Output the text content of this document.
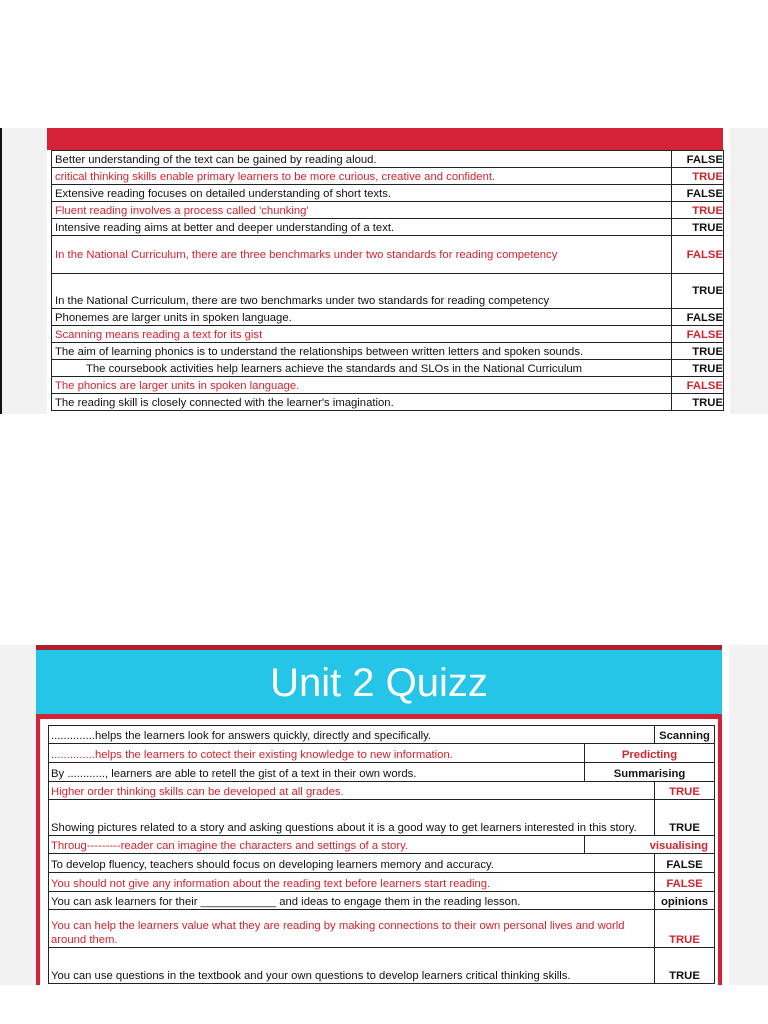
Better understanding of the text can be gained by reading aloud.	FALSE
critical thinking skills enable primary learners to be more curious, creative and confident.	TRUE
Extensive reading focuses on detailed understanding of short texts.	FALSE
Fluent reading involves a process called 'chunking'	TRUE
Intensive reading aims at better and deeper understanding of a text.	TRUE
In the National Curriculum, there are three benchmarks under two standards for reading competency	FALSE
In the National Curriculum, there are two benchmarks under two standards for reading competency	TRUE
Phonemes are larger units in spoken language.	FALSE
Scanning means reading a text for its gist	FALSE
The aim of learning phonics is to understand the relationships between written letters and spoken sounds.	TRUE
The coursebook activities help learners achieve the standards and SLOs in the National Curriculum	TRUE
The phonics are larger units in spoken language.	FALSE
The reading skill is closely connected with the learner's imagination.	TRUE
Unit 2 Quizz
..............helps the learners look for answers quickly, directly and specifically.		Scanning
..............helps the learners to cotect their existing knowledge to new information.	Predicting	
By ............, learners are able to retell the gist of a text in their own words.	Summarising	
Higher order thinking skills can be developed at all grades.		TRUE
Showing pictures related to a story and asking questions about it is a good way to get learners interested in this story.		TRUE
Throug---------reader can imagine the characters and settings of a story.	visualising	
To develop fluency, teachers should focus on developing learners memory and accuracy.		FALSE
You should not give any information about the reading text before learners start reading.		FALSE
You can ask learners for their ____________ and ideas to engage them in the reading lesson.		opinions
You can help the learners value what they are reading by making connections to their own personal lives and world around them.		TRUE
You can use questions in the textbook and your own questions to develop learners critical thinking skills.		TRUE
